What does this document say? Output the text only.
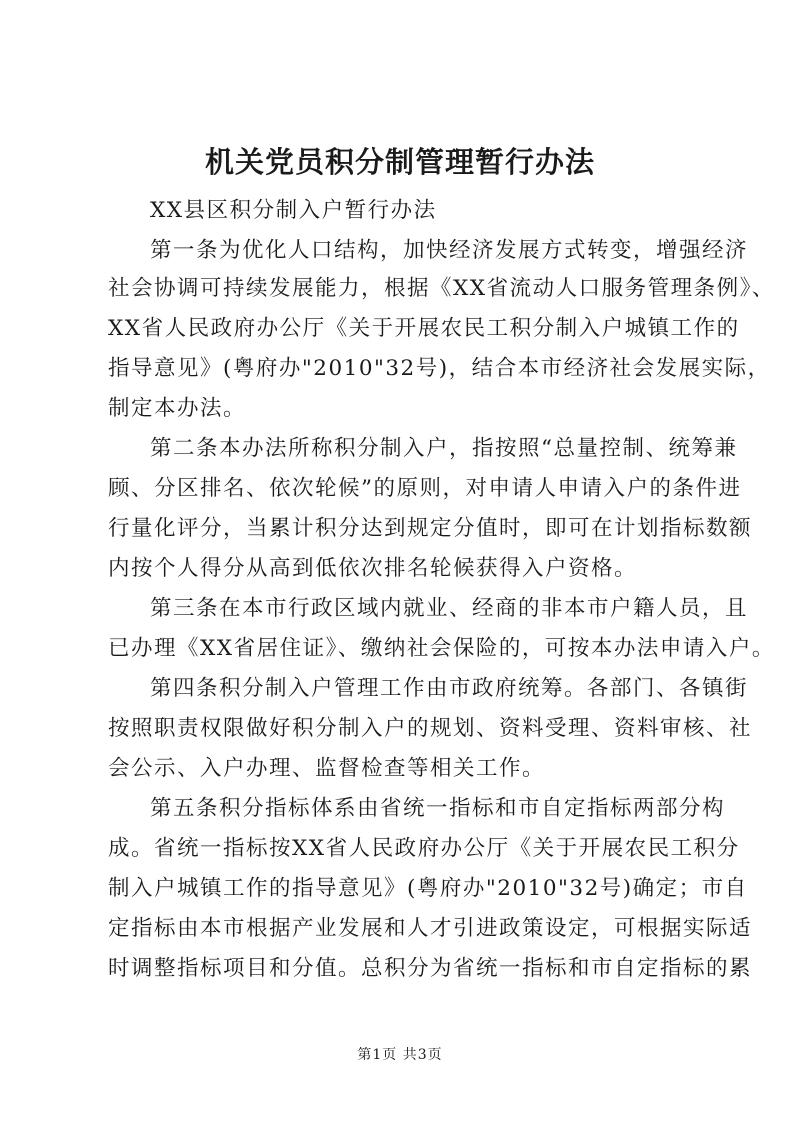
机关党员积分制管理暂行办法
XX县区积分制入户暂行办法
第一条为优化人口结构，加快经济发展方式转变，增强经济
社会协调可持续发展能力，根据《XX省流动人口服务管理条例》、
XX省人民政府办公厅《关于开展农民工积分制入户城镇工作的
指导意见》(粤府办"2010"32号)，结合本市经济社会发展实际，
制定本办法。
第二条本办法所称积分制入户，指按照“总量控制、统筹兼
顾、分区排名、依次轮候”的原则，对申请人申请入户的条件进
行量化评分，当累计积分达到规定分值时，即可在计划指标数额
内按个人得分从高到低依次排名轮候获得入户资格。
第三条在本市行政区域内就业、经商的非本市户籍人员，且
已办理《XX省居住证》、缴纳社会保险的，可按本办法申请入户。
第四条积分制入户管理工作由市政府统筹。各部门、各镇街
按照职责权限做好积分制入户的规划、资料受理、资料审核、社
会公示、入户办理、监督检查等相关工作。
第五条积分指标体系由省统一指标和市自定指标两部分构
成。省统一指标按XX省人民政府办公厅《关于开展农民工积分
制入户城镇工作的指导意见》(粤府办"2010"32号)确定；市自
定指标由本市根据产业发展和人才引进政策设定，可根据实际适
时调整指标项目和分值。总积分为省统一指标和市自定指标的累
第1页 共3页
